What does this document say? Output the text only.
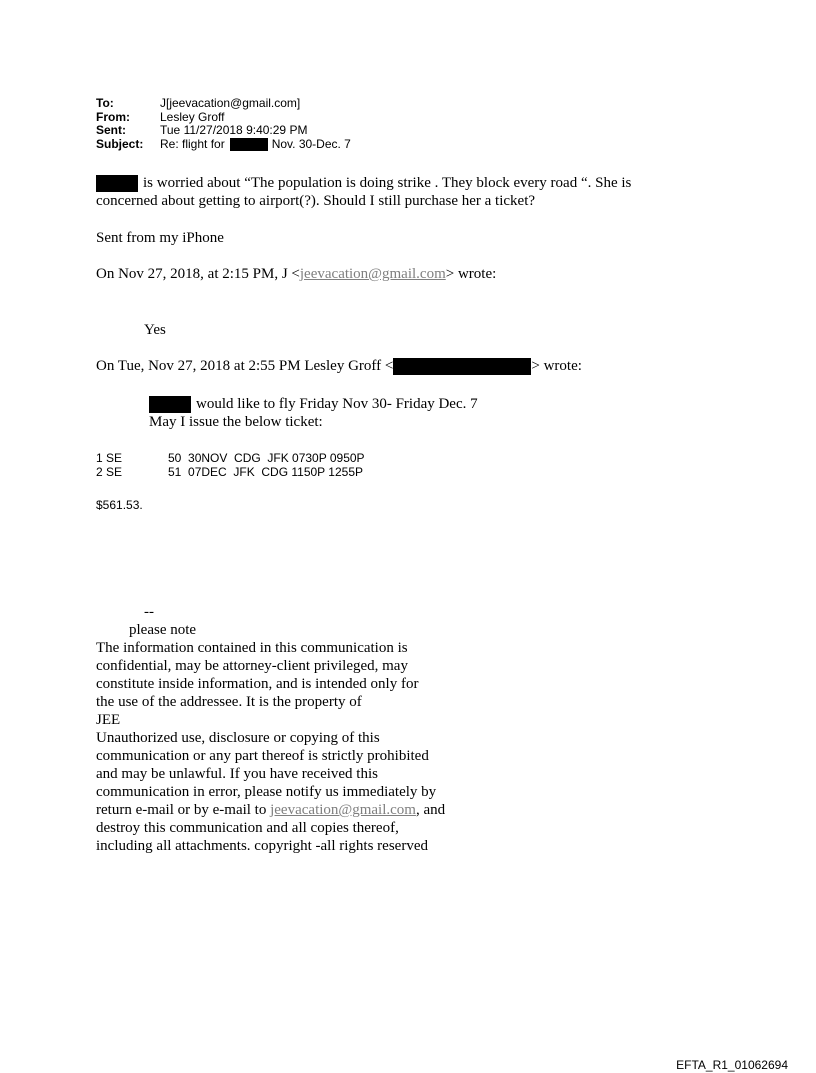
To:	J[jeevacation@gmail.com]
From:	Lesley Groff
Sent:	Tue 11/27/2018 9:40:29 PM
Subject:	Re: flight for	Nov. 30-Dec. 7
is worried about “The population is doing strike . They block every road “. She is
concerned about getting to airport(?). Should I still purchase her a ticket?
Sent from my iPhone
On Nov 27, 2018, at 2:15 PM, J <jeevacation@gmail.com> wrote:
Yes
On Tue, Nov 27, 2018 at 2:55 PM Lesley Groff <	> wrote:
would like to fly Friday Nov 30- Friday Dec. 7
May I issue the below ticket:
1 SE	50  30NOV  CDG  JFK 0730P 0950P
2 SE	51  07DEC  JFK  CDG 1150P 1255P
$561.53.
--
please note
The information contained in this communication is
confidential, may be attorney-client privileged, may
constitute inside information, and is intended only for
the use of the addressee. It is the property of
JEE
Unauthorized use, disclosure or copying of this
communication or any part thereof is strictly prohibited
and may be unlawful. If you have received this
communication in error, please notify us immediately by
return e-mail or by e-mail to jeevacation@gmail.com, and
destroy this communication and all copies thereof,
including all attachments. copyright -all rights reserved
EFTA_R1_01062694
